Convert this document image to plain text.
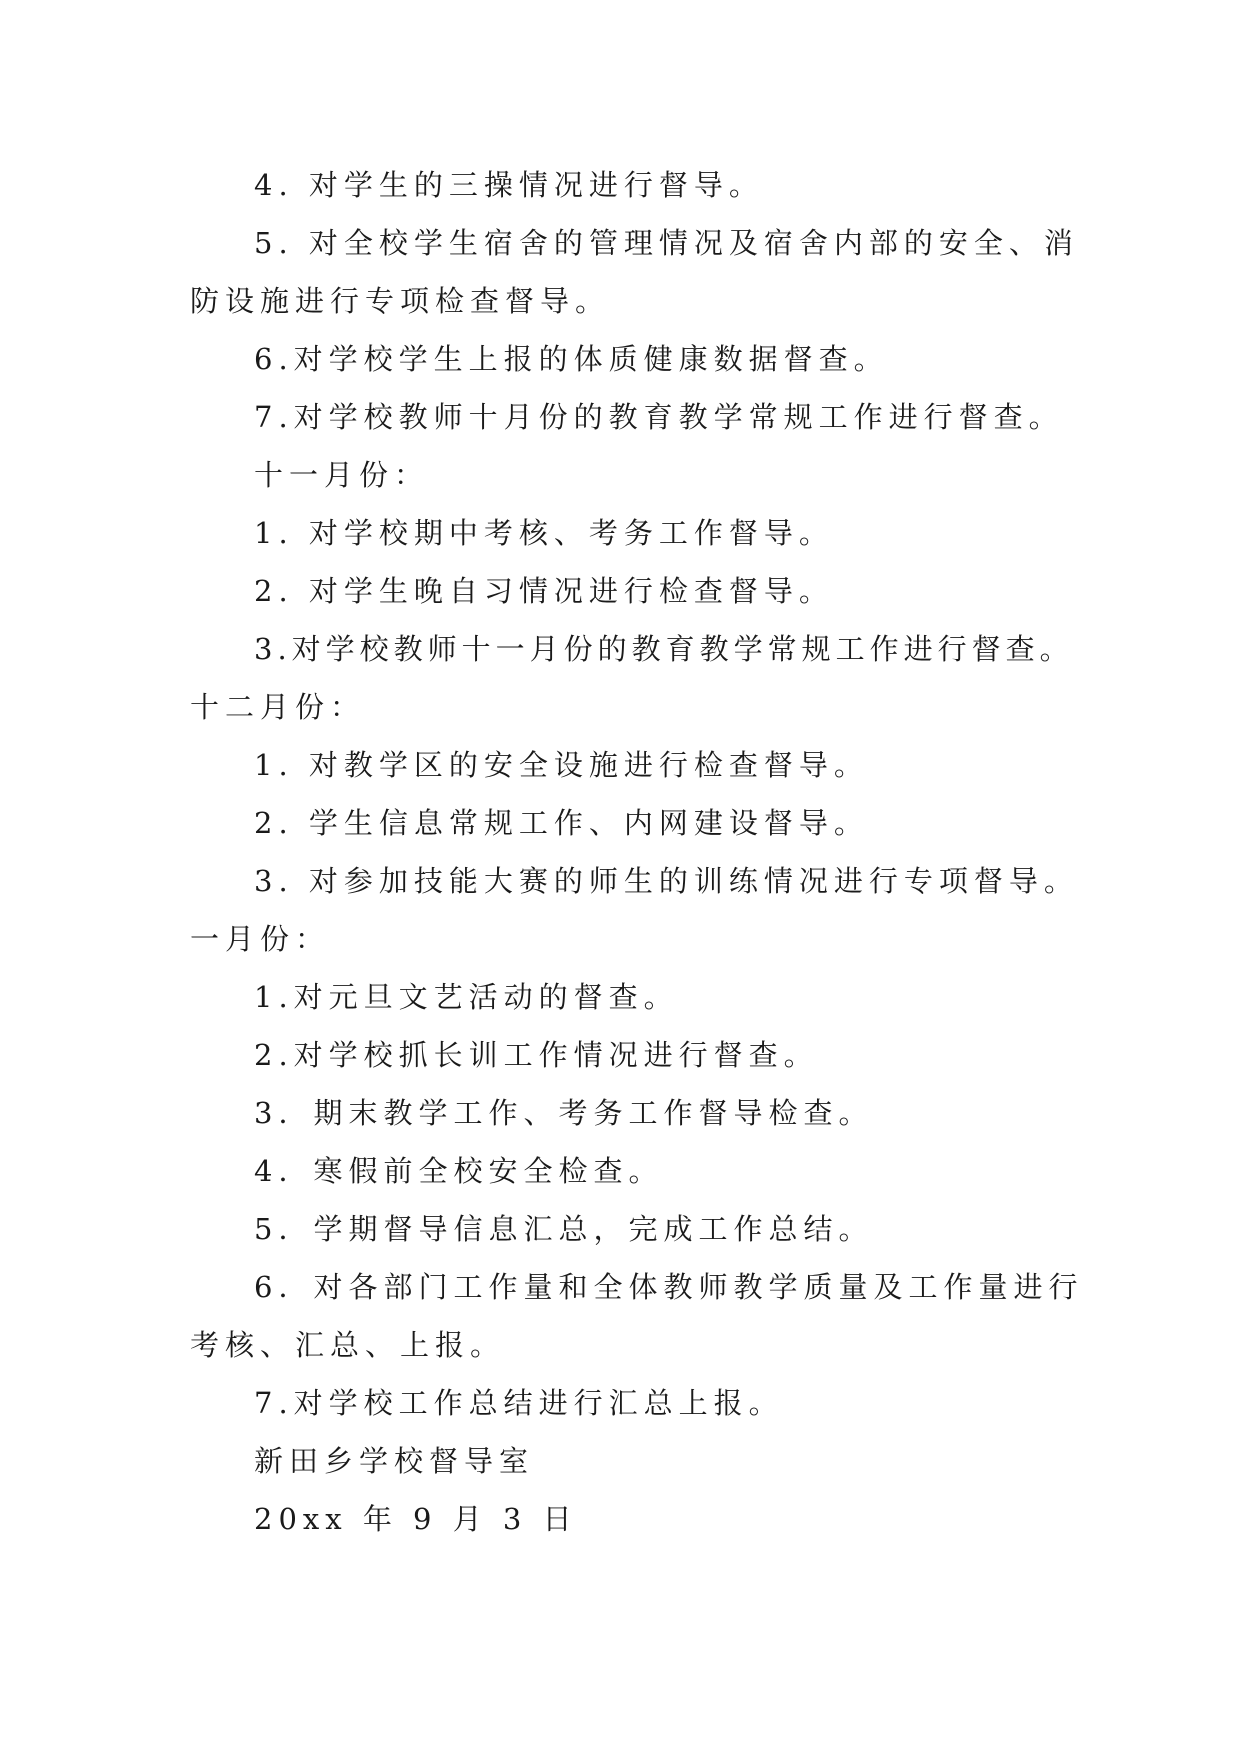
4. 对学生的三操情况进行督导。
5. 对全校学生宿舍的管理情况及宿舍内部的安全、消
防设施进行专项检查督导。
6.对学校学生上报的体质健康数据督查。
7.对学校教师十月份的教育教学常规工作进行督查。
十一月份：
1. 对学校期中考核、考务工作督导。
2. 对学生晚自习情况进行检查督导。
3.对学校教师十一月份的教育教学常规工作进行督查。
十二月份：
1. 对教学区的安全设施进行检查督导。
2. 学生信息常规工作、内网建设督导。
3. 对参加技能大赛的师生的训练情况进行专项督导。
一月份：
1.对元旦文艺活动的督查。
2.对学校抓长训工作情况进行督查。
3．期末教学工作、考务工作督导检查。
4．寒假前全校安全检查。
5．学期督导信息汇总，完成工作总结。
6．对各部门工作量和全体教师教学质量及工作量进行
考核、汇总、上报。
7.对学校工作总结进行汇总上报。
新田乡学校督导室
20xx 年 9 月 3 日
